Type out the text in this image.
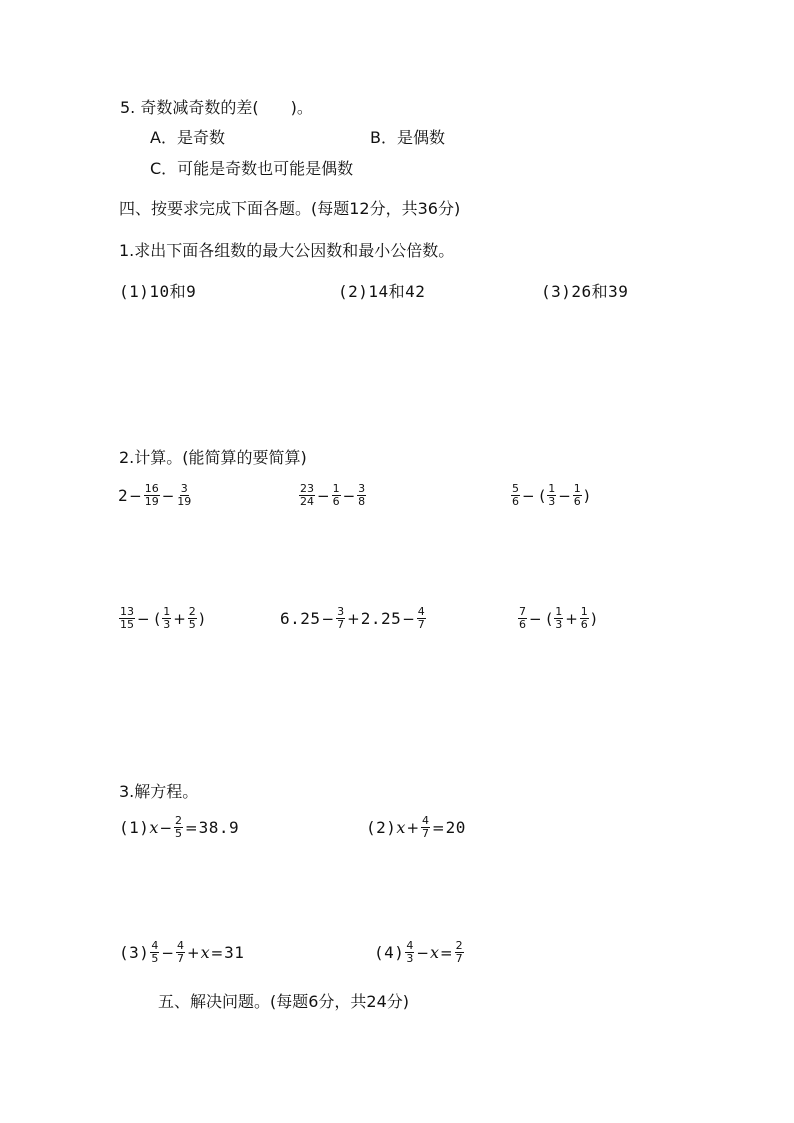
5. 奇数减奇数的差(　　)。
A．是奇数	B．是偶数
C．可能是奇数也可能是偶数
四、按要求完成下面各题。(每题12分，共36分)
1.求出下面各组数的最大公因数和最小公倍数。
(1)10和9	(2)14和42	(3)26和39
2.计算。(能简算的要简算)
$2 - \frac{16}{19} - \frac{3}{19}$	$\frac{23}{24} - \frac{1}{6} - \frac{3}{8}$	$\frac{5}{6}$ − ( $\frac{1}{3} - \frac{1}{6}$ )
$\frac{13}{15}$ − ( $\frac{1}{3} + \frac{2}{5}$ )	$6.25 - \frac{3}{7} + 2.25 - \frac{4}{7}$	$\frac{7}{6}$ − ( $\frac{1}{3} + \frac{1}{6}$ )
3.解方程。
(1) $x - \frac{2}{5} = 38.9$	(2) $x + \frac{4}{7} = 20$
$(3) \frac{4}{5} - \frac{4}{7} + x = 31$	$(4) \frac{4}{3} - x = \frac{2}{7}$
五、解决问题。(每题6分，共24分)
